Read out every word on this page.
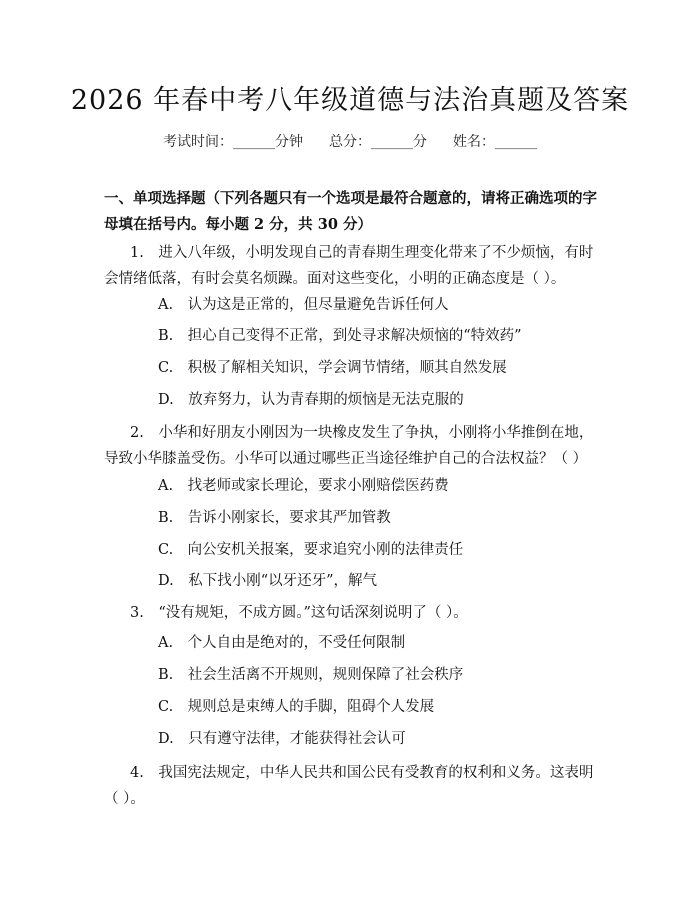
2026 年春中考八年级道德与法治真题及答案
考试时间：______分钟 总分：______分 姓名：______
一、单项选择题（下列各题只有一个选项是最符合题意的，请将正确选项的字母填在括号内。每小题 2 分，共 30 分）
1.　进入八年级，小明发现自己的青春期生理变化带来了不少烦恼，有时会情绪低落，有时会莫名烦躁。面对这些变化，小明的正确态度是（ ）。
A.　认为这是正常的，但尽量避免告诉任何人
B.　担心自己变得不正常，到处寻求解决烦恼的“特效药”
C.　积极了解相关知识，学会调节情绪，顺其自然发展
D.　放弃努力，认为青春期的烦恼是无法克服的
2.　小华和好朋友小刚因为一块橡皮发生了争执，小刚将小华推倒在地，导致小华膝盖受伤。小华可以通过哪些正当途径维护自己的合法权益？（ ）
A.　找老师或家长理论，要求小刚赔偿医药费
B.　告诉小刚家长，要求其严加管教
C.　向公安机关报案，要求追究小刚的法律责任
D.　私下找小刚“以牙还牙”，解气
3.　“没有规矩，不成方圆。”这句话深刻说明了（ ）。
A.　个人自由是绝对的，不受任何限制
B.　社会生活离不开规则，规则保障了社会秩序
C.　规则总是束缚人的手脚，阻碍个人发展
D.　只有遵守法律，才能获得社会认可
4.　我国宪法规定，中华人民共和国公民有受教育的权利和义务。这表明（ ）。
